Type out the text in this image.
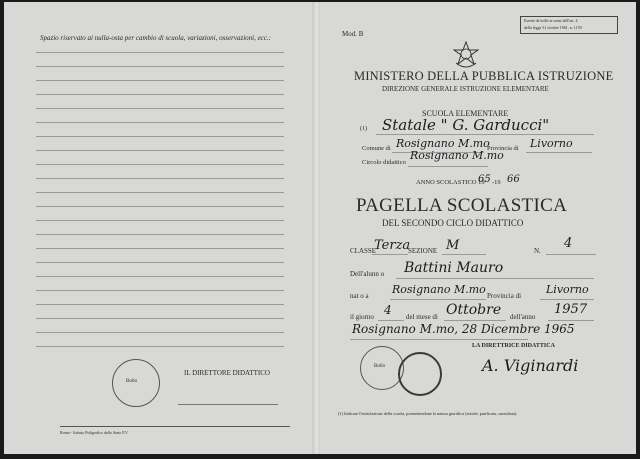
Spazio riservato ai nulla-osta per cambio di scuola, variazioni, osservazioni, ecc.:
Bollo
IL DIRETTORE DIDATTICO
Roma - Istituto Poligrafico dello Stato P.V.
Mod. B
Esente da bollo ai sensi dell'art. 4
della legge 31 ottobre 1961, n. 1159
MINISTERO DELLA PUBBLICA ISTRUZIONE
DIREZIONE GENERALE ISTRUZIONE ELEMENTARE
SCUOLA ELEMENTARE
(1) Statale " G. Garducci"
Comune di Rosignano M.mo
Provincia di Livorno
Circolo didattico
Rosignano M.mo
ANNO SCOLASTICO 19
65 -19 66
PAGELLA SCOLASTICA
DEL SECONDO CICLO DIDATTICO
CLASSE
Terza
SEZIONE M	N. 4
Dell'alunn o Battini Mauro
nat o a Rosignano M.mo Provincia di Livorno
il giorno 4 del mese di Ottobre dell'anno 1957
Rosignano M.mo, 28 Dicembre 1965
Bollo
LA DIRETTRICE DIDATTICA
A. Viginardi
(1) Indicare l'intitolazione della scuola, premettendone la natura giuridica (statale, parificata, sussidiata).
